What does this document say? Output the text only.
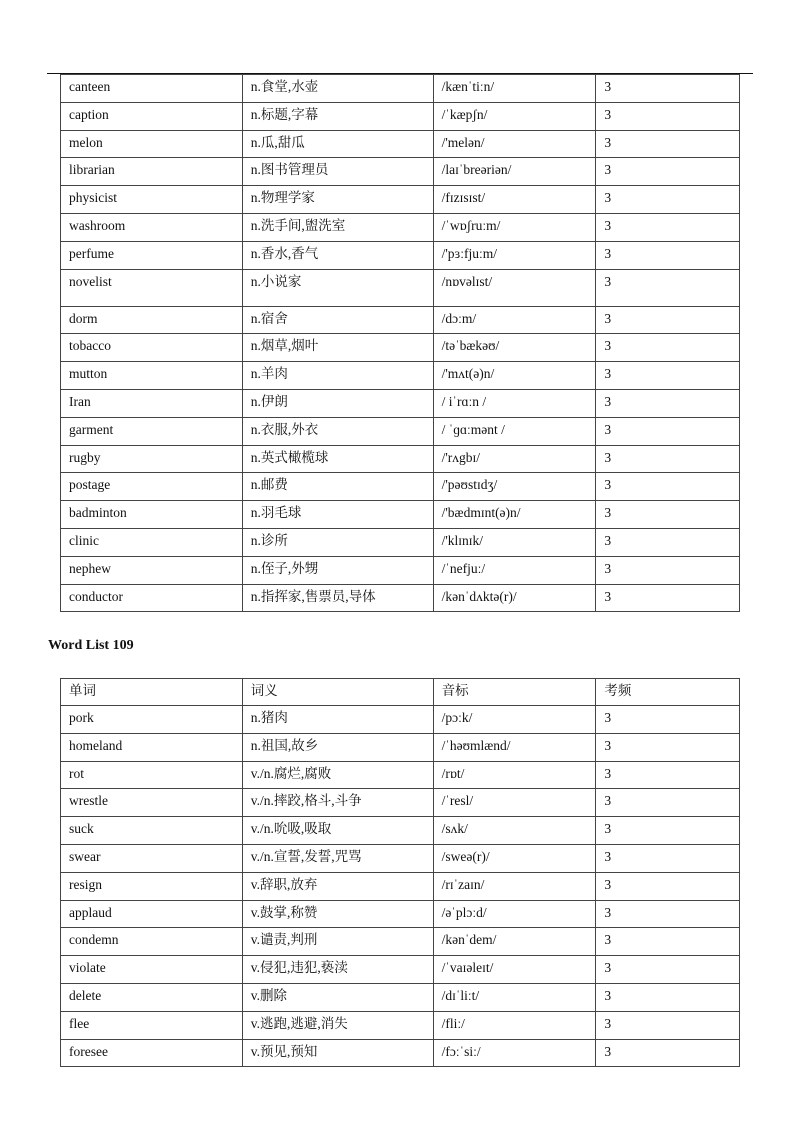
canteen	n.食堂,水壶	/kænˈtiːn/	3
caption	n.标题,字幕	/ˈkæpʃn/	3
melon	n.瓜,甜瓜	/'melən/	3
librarian	n.图书管理员	/laɪˈbreəriən/	3
physicist	n.物理学家	/fɪzɪsɪst/	3
washroom	n.洗手间,盥洗室	/ˈwɒʃruːm/	3
perfume	n.香水,香气	/'pɜːfjuːm/	3
novelist	n.小说家	/nɒvəlɪst/	3
dorm	n.宿舍	/dɔːm/	3
tobacco	n.烟草,烟叶	/təˈbækəʊ/	3
mutton	n.羊肉	/'mʌt(ə)n/	3
Iran	n.伊朗	/ iˈrɑːn /	3
garment	n.衣服,外衣	/ ˈɡɑːmənt /	3
rugby	n.英式橄榄球	/'rʌgbɪ/	3
postage	n.邮费	/'pəʊstɪdʒ/	3
badminton	n.羽毛球	/'bædmɪnt(ə)n/	3
clinic	n.诊所	/'klɪnɪk/	3
nephew	n.侄子,外甥	/ˈnefjuː/	3
conductor	n.指挥家,售票员,导体	/kənˈdʌktə(r)/	3
Word List 109
单词	词义	音标	考频
pork	n.猪肉	/pɔːk/	3
homeland	n.祖国,故乡	/ˈhəʊmlænd/	3
rot	v./n.腐烂,腐败	/rɒt/	3
wrestle	v./n.摔跤,格斗,斗争	/ˈresl/	3
suck	v./n.吮吸,吸取	/sʌk/	3
swear	v./n.宣誓,发誓,咒骂	/sweə(r)/	3
resign	v.辞职,放弃	/rɪˈzaɪn/	3
applaud	v.鼓掌,称赞	/əˈplɔːd/	3
condemn	v.谴责,判刑	/kənˈdem/	3
violate	v.侵犯,违犯,亵渎	/ˈvaɪəleɪt/	3
delete	v.删除	/dɪˈliːt/	3
flee	v.逃跑,逃避,消失	/fliː/	3
foresee	v.预见,预知	/fɔːˈsiː/	3
